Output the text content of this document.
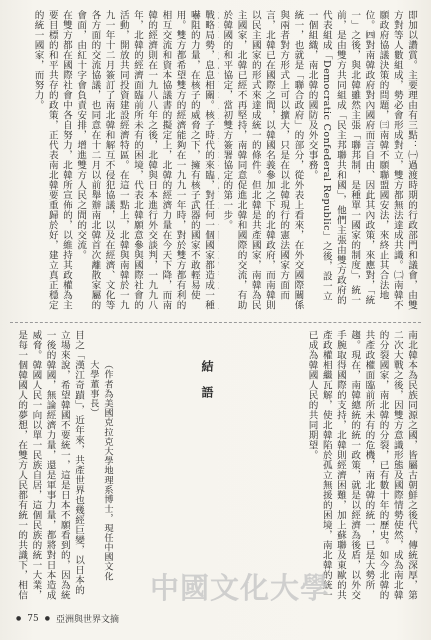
戰略局勢，息息相關。核子時代的來臨，對任何一個國家都造成一種嚇阻的力量，在核子的威脅之下，擁有核子武器的國家不敢輕易使用。雙方都希望雙方的經濟能夠在一九九一年時，對於雙方都有利的相互交流和資本協議書的擬定上，北韓的經濟力量在今天下降，而南韓的經濟則在一九八八年之後，北韓與日本進行外交談判，一九九八年，北韓的經濟面臨前所未有的困境，代表北韓願意參與國際社會的活動，開放共同投資建設經濟特區。在這一點上，北韓與南韓於一九九一年十二月簽訂了南北韓和解互不侵犯協議，以及在經濟、文化等各方面的交流協議，也同意在十二月以前舉辦南北韓首次離散家屬的會面，由紅十字會負責安排，增進雙方人民之間的交流。
在雙方都在國際社會中各自努力，北韓所宣佈的，以維持其政權為主要目標的和平共存的政策，正代表南北韓要重歸於好，建立真正穩定的統一國家，而努力。	即加以讚賞。主要理由有三點：㈠過渡時期的行政部門和議會，由雙方對等人數組成，勢必會形成對立，雙方都無法達成共識。㈡南韓不願政府協議決策的問題，㈢南韓不願聯盟國安法，來終止其合法地位。㈣對南韓政府對內國府而言自由、因此其內政策，來應對，「統一」之後，與北韓雖然主張「聯邦制，是種單一國家的制度」，統一前，是由雙方共同組成「民主邦聯共和國」，他們主張由雙方政府的代表組成「Democratic Confederal Republic」之後，設一立一個組織，南北韓的國防及外交事務。
統一，也就是「聯合政府」的部分，從外表上看來，在外交國際關係與兩者對方形式上可以擴大，只是在以北韓現行的憲法國家方面而言，北韓已在國際之間，以韓國名義參加之下的北韓政府，而南韓則以民主國家的形式來達成統一的條件。但北韓是共產國家，南韓為民主國家，北韓已經不再堅持，南韓同意促進北韓和國際的交流，有助於韓國的和平協定，當初雙方簽署協定的第一步。

南北韓本為民族同源之國，皆屬古朝鮮之後代，傳統深厚，第二次大戰之後，因雙方意識形態及國際情勢使然，成為南北韓的分裂國家，南北韓的分裂，已有數十年的歷史。如今北韓的共產政權面臨前所未有的危機，南北韓的統一，已是大勢所趨。現在，南韓總統的統一政策，就是以經濟為後盾，以外交手腕取得國際的支持，北韓則經濟困難，加上蘇聯及東歐的共產政權相繼瓦解，使北韓陷於孤立無援的困境，南北韓的統一已成為韓國人民的共同期望。
結語
（作者為美國克拉克大學地理系博士，現任中國文化大學董事長）
目之「漢江奇蹟」，近年來，共產世界也幾經巨變，以日本的立場來說，希望韓國不要統一，這是日本不願看到的，因為統一後的韓國，無論經濟力量，還是軍事力量，都將對日本造成威脅。韓國人民一向以單一民族自居，這個民族的統一大業，是每一個韓國人的夢想，在雙方人民都有統一的共識下，相信	中國文化大學
● 75 ● 亞洲與世界文摘
